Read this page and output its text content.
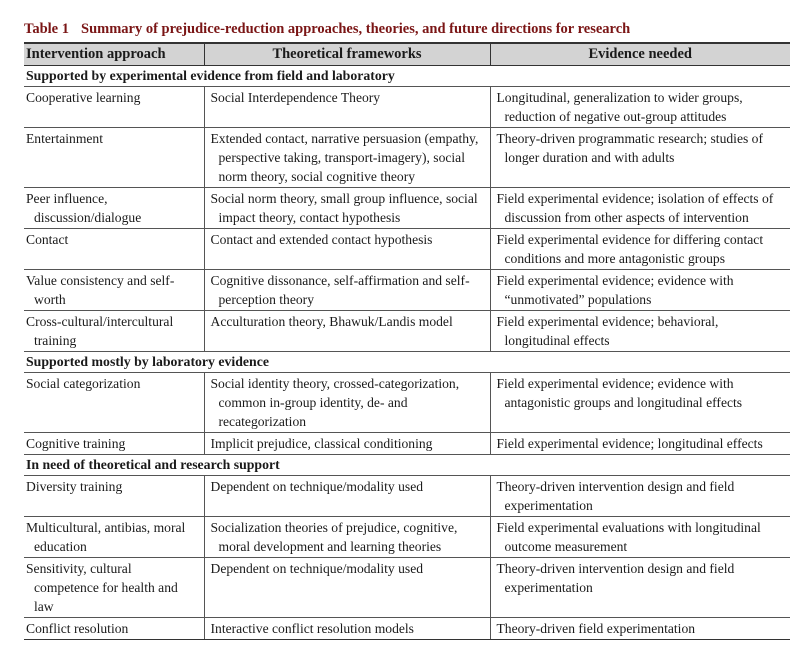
Table 1 Summary of prejudice-reduction approaches, theories, and future directions for research
Intervention approach	Theoretical frameworks	Evidence needed
Supported by experimental evidence from field and laboratory		

Cooperative learning	Social Interdependence Theory	Longitudinal, generalization to wider groups, reduction of negative out-group attitudes

Entertainment	Extended contact, narrative persuasion (empathy, perspective taking, transport-imagery), social norm theory, social cognitive theory	Theory-driven programmatic research; studies of longer duration and with adults

Peer influence, discussion/dialogue	Social norm theory, small group influence, social impact theory, contact hypothesis	Field experimental evidence; isolation of effects of discussion from other aspects of intervention

Contact	Contact and extended contact hypothesis	Field experimental evidence for differing contact conditions and more antagonistic groups

Value consistency and self-worth	Cognitive dissonance, self-affirmation and self-perception theory	Field experimental evidence; evidence with “unmotivated” populations

Cross-cultural/intercultural training	Acculturation theory, Bhawuk/Landis model	Field experimental evidence; behavioral, longitudinal effects

Supported mostly by laboratory evidence		

Social categorization	Social identity theory, crossed-categorization, common in-group identity, de- and recategorization	Field experimental evidence; evidence with antagonistic groups and longitudinal effects

Cognitive training	Implicit prejudice, classical conditioning	Field experimental evidence; longitudinal effects

In need of theoretical and research support		

Diversity training	Dependent on technique/modality used	Theory-driven intervention design and field experimentation

Multicultural, antibias, moral education	Socialization theories of prejudice, cognitive, moral development and learning theories	Field experimental evaluations with longitudinal outcome measurement

Sensitivity, cultural competence for health and law	Dependent on technique/modality used	Theory-driven intervention design and field experimentation

Conflict resolution	Interactive conflict resolution models	Theory-driven field experimentation
